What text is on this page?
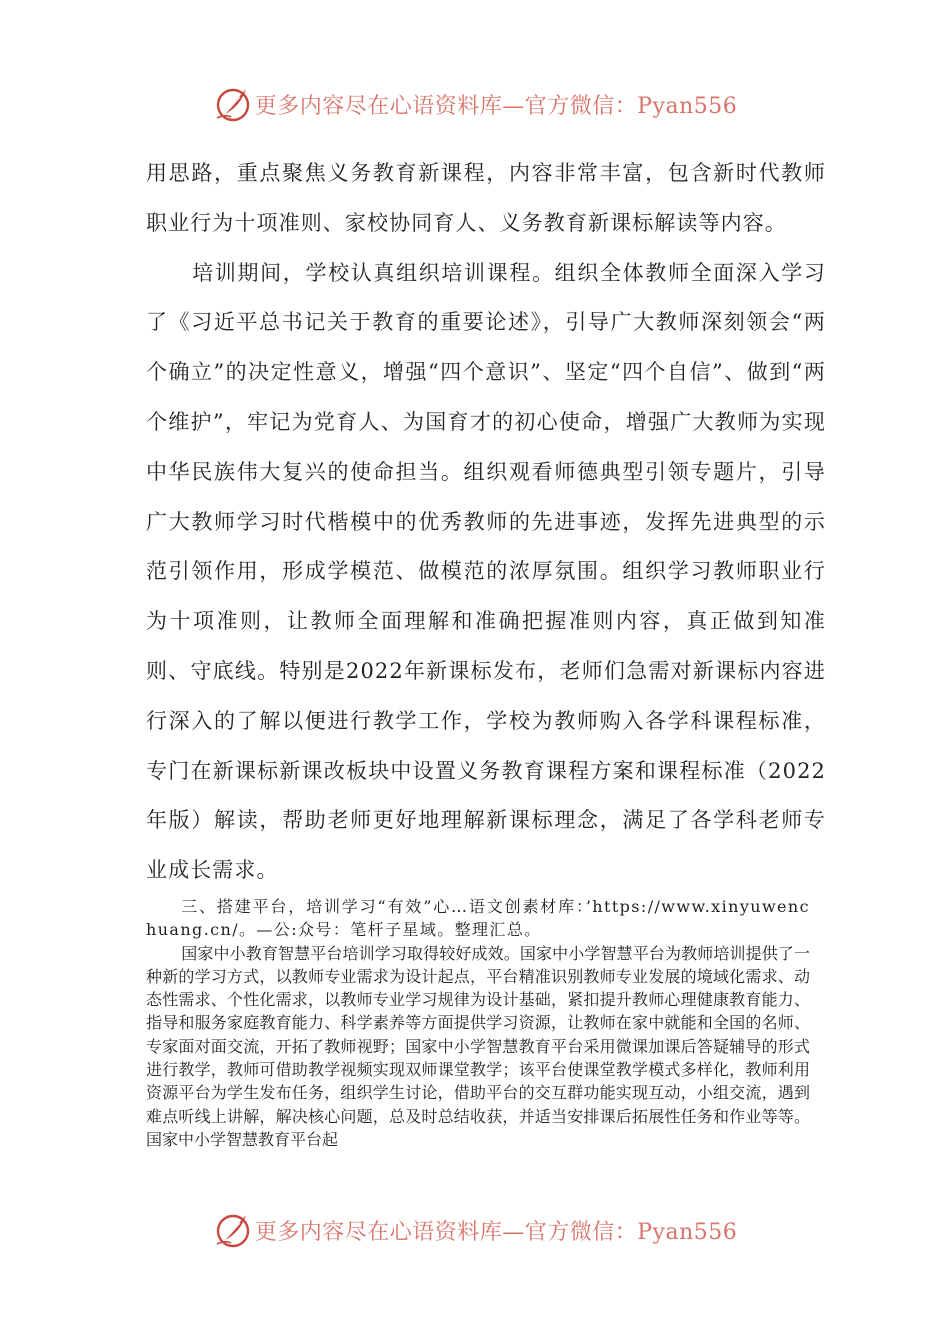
更多内容尽在心语资料库—官方微信：Pyan556

用思路，重点聚焦义务教育新课程，内容非常丰富，包含新时代教师职业行为十项准则、家校协同育人、义务教育新课标解读等内容。

培训期间，学校认真组织培训课程。组织全体教师全面深入学习了《习近平总书记关于教育的重要论述》，引导广大教师深刻领会“两个确立”的决定性意义，增强“四个意识”、坚定“四个自信”、做到“两个维护”，牢记为党育人、为国育才的初心使命，增强广大教师为实现中华民族伟大复兴的使命担当。组织观看师德典型引领专题片，引导广大教师学习时代楷模中的优秀教师的先进事迹，发挥先进典型的示范引领作用，形成学模范、做模范的浓厚氛围。组织学习教师职业行为十项准则，让教师全面理解和准确把握准则内容，真正做到知准则、守底线。特别是2022年新课标发布，老师们急需对新课标内容进行深入的了解以便进行教学工作，学校为教师购入各学科课程标准，专门在新课标新课改板块中设置义务教育课程方案和课程标准（2022年版）解读，帮助老师更好地理解新课标理念，满足了各学科老师专业成长需求。

三、搭建平台，培训学习“有效”心…语文创素材库：’https://www.xinyuwenchuang.cn/。—公:众号：笔杆子星域。整理汇总。

国家中小教育智慧平台培训学习取得较好成效。国家中小学智慧平台为教师培训提供了一种新的学习方式，以教师专业需求为设计起点，平台精准识别教师专业发展的境域化需求、动态性需求、个性化需求，以教师专业学习规律为设计基础，紧扣提升教师心理健康教育能力、指导和服务家庭教育能力、科学素养等方面提供学习资源，让教师在家中就能和全国的名师、专家面对面交流，开拓了教师视野；国家中小学智慧教育平台采用微课加课后答疑辅导的形式进行教学，教师可借助教学视频实现双师课堂教学；该平台使课堂教学模式多样化，教师利用资源平台为学生发布任务，组织学生讨论，借助平台的交互群功能实现互动，小组交流，遇到难点听线上讲解，解决核心问题，总及时总结收获，并适当安排课后拓展性任务和作业等等。国家中小学智慧教育平台起

更多内容尽在心语资料库—官方微信：Pyan556
